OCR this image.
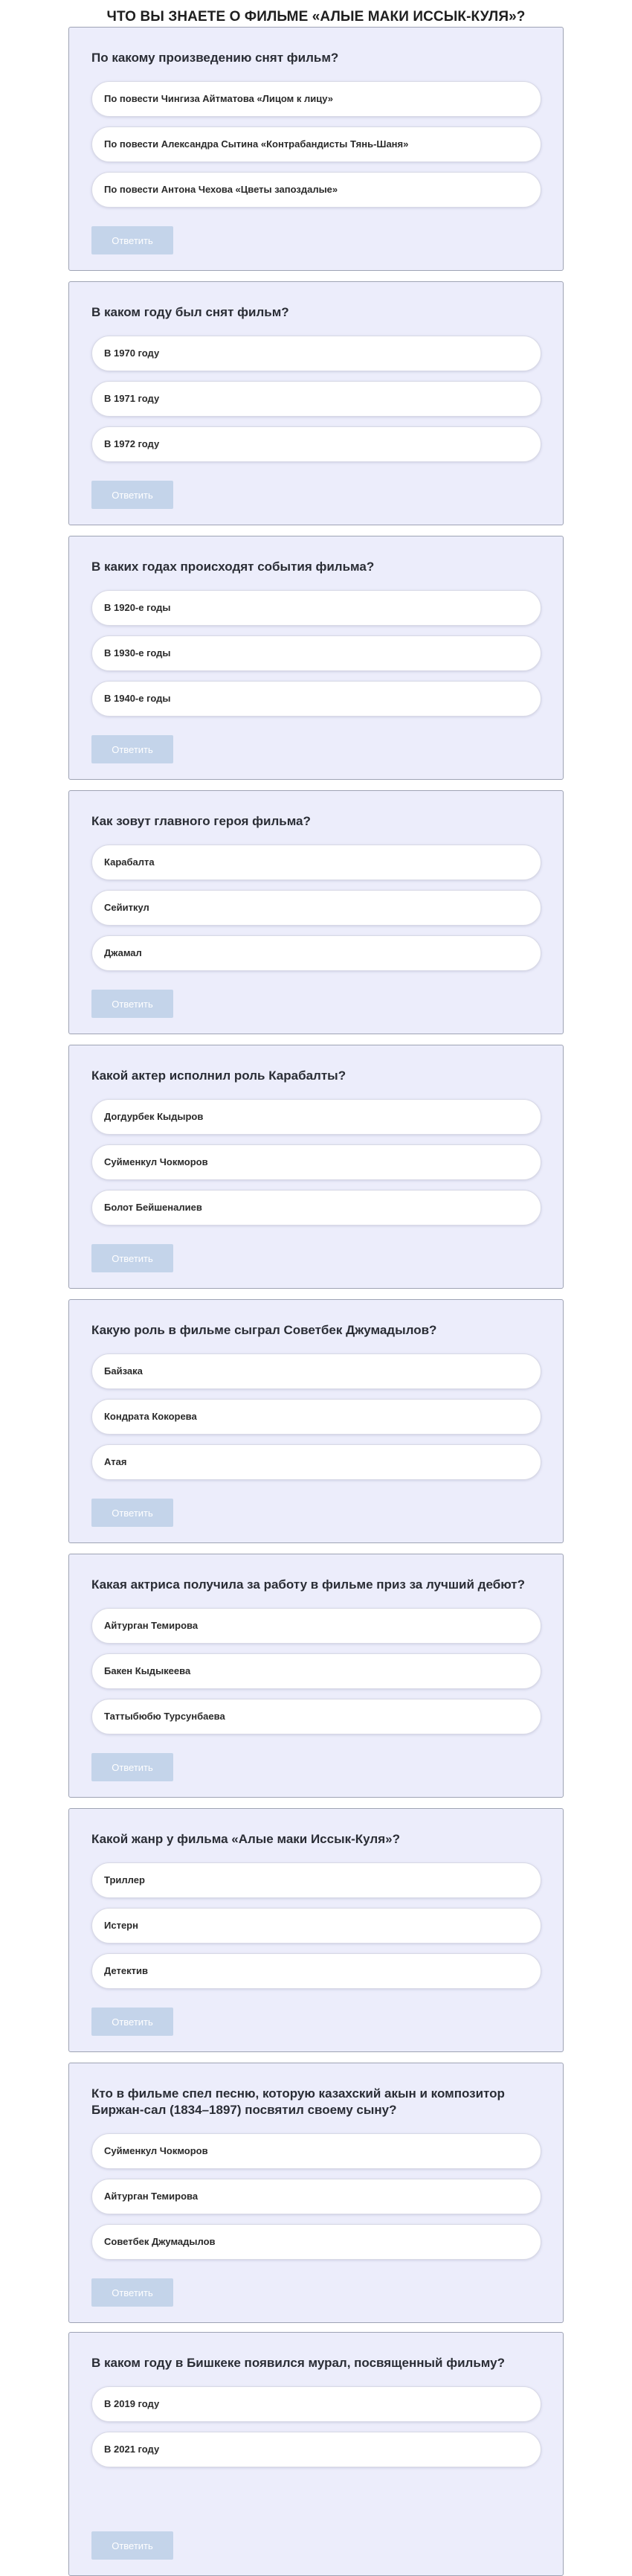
ЧТО ВЫ ЗНАЕТЕ О ФИЛЬМЕ «АЛЫЕ МАКИ ИССЫК-КУЛЯ»?
По какому произведению снят фильм?
По повести Чингиза Айтматова «Лицом к лицу»
По повести Александра Сытина «Контрабандисты Тянь-Шаня»
По повести Антона Чехова «Цветы запоздалые»
Ответить
В каком году был снят фильм?
В 1970 году
В 1971 году
В 1972 году
Ответить
В каких годах происходят события фильма?
В 1920-е годы
В 1930-е годы
В 1940-е годы
Ответить
Как зовут главного героя фильма?
Карабалта
Сейиткул
Джамал
Ответить
Какой актер исполнил роль Карабалты?
Догдурбек Кыдыров
Суйменкул Чокморов
Болот Бейшеналиев
Ответить
Какую роль в фильме сыграл Советбек Джумадылов?
Байзака
Кондрата Кокорева
Атая
Ответить
Какая актриса получила за работу в фильме приз за лучший дебют?
Айтурган Темирова
Бакен Кыдыкеева
Таттыбюбю Турсунбаева
Ответить
Какой жанр у фильма «Алые маки Иссык-Куля»?
Триллер
Истерн
Детектив
Ответить
Кто в фильме спел песню, которую казахский акын и композитор Биржан-сал (1834–1897) посвятил своему сыну?
Суйменкул Чокморов
Айтурган Темирова
Советбек Джумадылов
Ответить
В каком году в Бишкеке появился мурал, посвященный фильму?
В 2019 году
В 2021 году
Ответить
